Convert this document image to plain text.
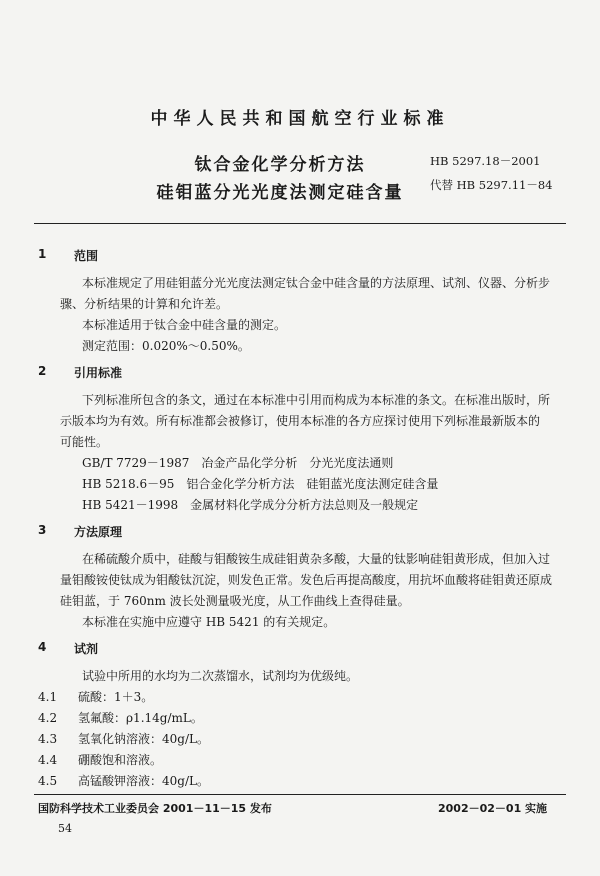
中华人民共和国航空行业标准
钛合金化学分析方法
硅钼蓝分光光度法测定硅含量
HB 5297.18－2001
代替 HB 5297.11－84
1 范围
本标准规定了用硅钼蓝分光光度法测定钛合金中硅含量的方法原理、试剂、仪器、分析步
骤、分析结果的计算和允许差。
本标准适用于钛合金中硅含量的测定。
测定范围：0.020%～0.50%。
2 引用标准
下列标准所包含的条文，通过在本标准中引用而构成为本标准的条文。在标准出版时，所
示版本均为有效。所有标准都会被修订，使用本标准的各方应探讨使用下列标准最新版本的
可能性。
GB/T 7729－1987　冶金产品化学分析　分光光度法通则
HB 5218.6－95　铝合金化学分析方法　硅钼蓝光度法测定硅含量
HB 5421－1998　金属材料化学成分分析方法总则及一般规定
3 方法原理
在稀硫酸介质中，硅酸与钼酸铵生成硅钼黄杂多酸，大量的钛影响硅钼黄形成，但加入过
量钼酸铵使钛成为钼酸钛沉淀，则发色正常。发色后再提高酸度，用抗坏血酸将硅钼黄还原成
硅钼蓝，于 760nm 波长处测量吸光度，从工作曲线上查得硅量。
本标准在实施中应遵守 HB 5421 的有关规定。
4 试剂
试验中所用的水均为二次蒸馏水，试剂均为优级纯。
4.1 硫酸：1＋3。
4.2 氢氟酸：ρ1.14g/mL。
4.3 氢氧化钠溶液：40g/L。
4.4 硼酸饱和溶液。
4.5 高锰酸钾溶液：40g/L。
国防科学技术工业委员会 2001－11－15 发布	2002－02－01 实施
54
